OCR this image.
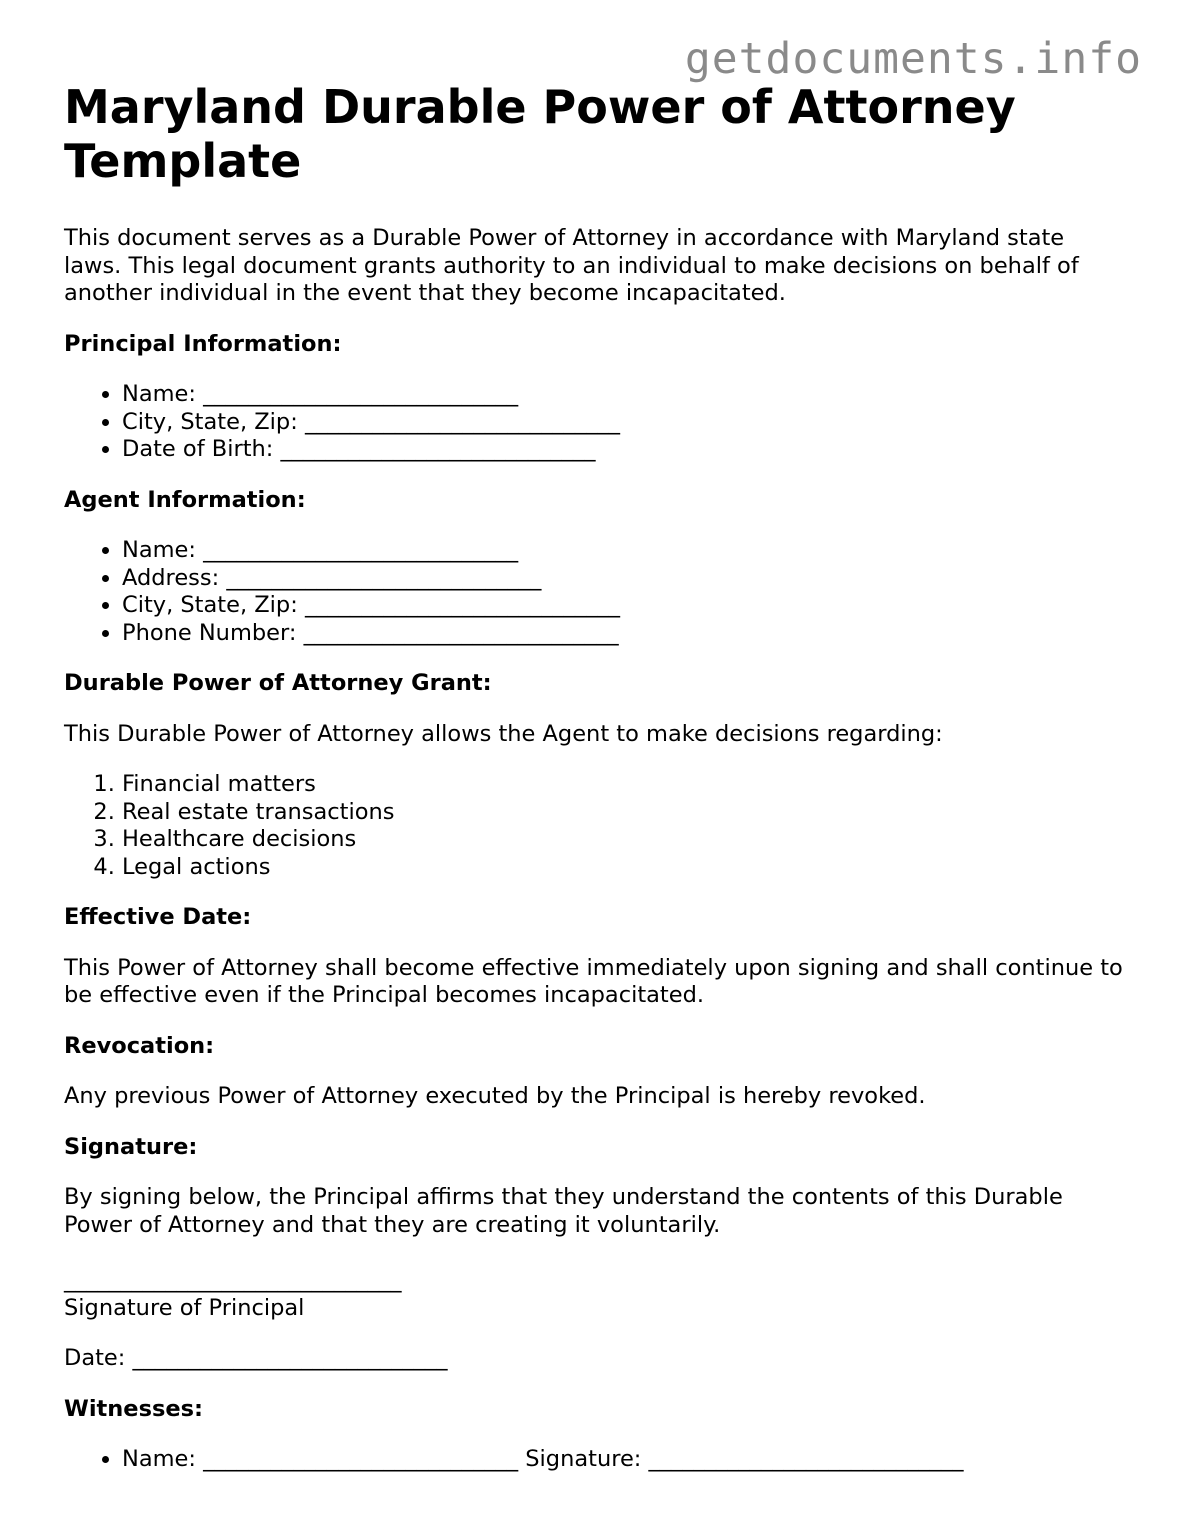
getdocuments.info
Maryland Durable Power of Attorney Template

This document serves as a Durable Power of Attorney in accordance with Maryland state laws. This legal document grants authority to an individual to make decisions on behalf of another individual in the event that they become incapacitated.

Principal Information:
• Name: ____________________________
• City, State, Zip: ____________________________
• Date of Birth: ____________________________
Agent Information:
• Name: ____________________________
• Address: ____________________________
• City, State, Zip: ____________________________
• Phone Number: ____________________________
Durable Power of Attorney Grant:

This Durable Power of Attorney allows the Agent to make decisions regarding:

1. Financial matters
2. Real estate transactions
3. Healthcare decisions
4. Legal actions
Effective Date:

This Power of Attorney shall become effective immediately upon signing and shall continue to be effective even if the Principal becomes incapacitated.

Revocation:

Any previous Power of Attorney executed by the Principal is hereby revoked.

Signature:

By signing below, the Principal affirms that they understand the contents of this Durable Power of Attorney and that they are creating it voluntarily.

______________________________
Signature of Principal

Date: ____________________________

Witnesses:
• Name: ____________________________ Signature: ____________________________
